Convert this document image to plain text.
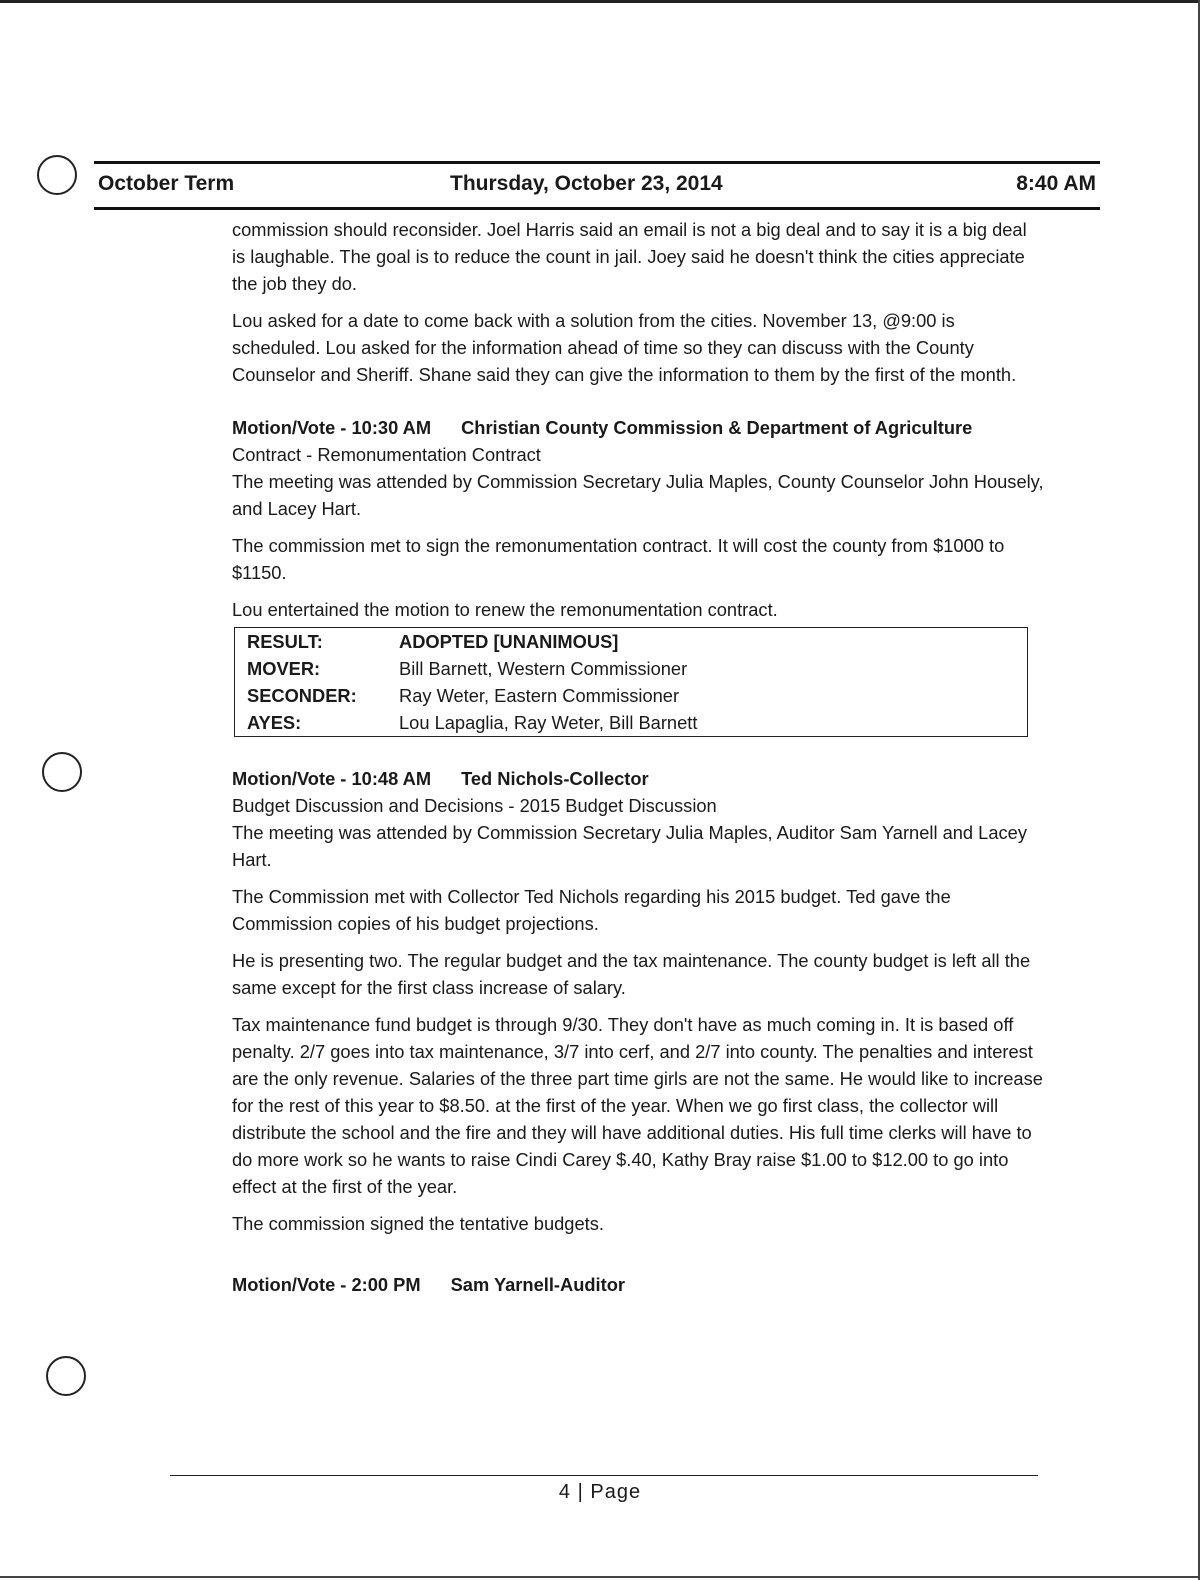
October Term	Thursday, October 23, 2014	8:40 AM

commission should reconsider. Joel Harris said an email is not a big deal and to say it is a big deal is laughable. The goal is to reduce the count in jail. Joey said he doesn't think the cities appreciate the job they do.

Lou asked for a date to come back with a solution from the cities. November 13, @9:00 is scheduled. Lou asked for the information ahead of time so they can discuss with the County Counselor and Sheriff. Shane said they can give the information to them by the first of the month.

Motion/Vote - 10:30 AM Christian County Commission & Department of Agriculture

Contract - Remonumentation Contract

The meeting was attended by Commission Secretary Julia Maples, County Counselor John Housely, and Lacey Hart.

The commission met to sign the remonumentation contract. It will cost the county from $1000 to $1150.

Lou entertained the motion to renew the remonumentation contract.

RESULT:	ADOPTED [UNANIMOUS]
MOVER:	Bill Barnett, Western Commissioner
SECONDER:	Ray Weter, Eastern Commissioner
AYES:	Lou Lapaglia, Ray Weter, Bill Barnett

Motion/Vote - 10:48 AM Ted Nichols-Collector

Budget Discussion and Decisions - 2015 Budget Discussion

The meeting was attended by Commission Secretary Julia Maples, Auditor Sam Yarnell and Lacey Hart.

The Commission met with Collector Ted Nichols regarding his 2015 budget. Ted gave the Commission copies of his budget projections.

He is presenting two. The regular budget and the tax maintenance. The county budget is left all the same except for the first class increase of salary.

Tax maintenance fund budget is through 9/30. They don't have as much coming in. It is based off penalty. 2/7 goes into tax maintenance, 3/7 into cerf, and 2/7 into county. The penalties and interest are the only revenue. Salaries of the three part time girls are not the same. He would like to increase for the rest of this year to $8.50. at the first of the year. When we go first class, the collector will distribute the school and the fire and they will have additional duties. His full time clerks will have to do more work so he wants to raise Cindi Carey $.40, Kathy Bray raise $1.00 to $12.00 to go into effect at the first of the year.

The commission signed the tentative budgets.

Motion/Vote - 2:00 PM Sam Yarnell-Auditor

4 | Page
